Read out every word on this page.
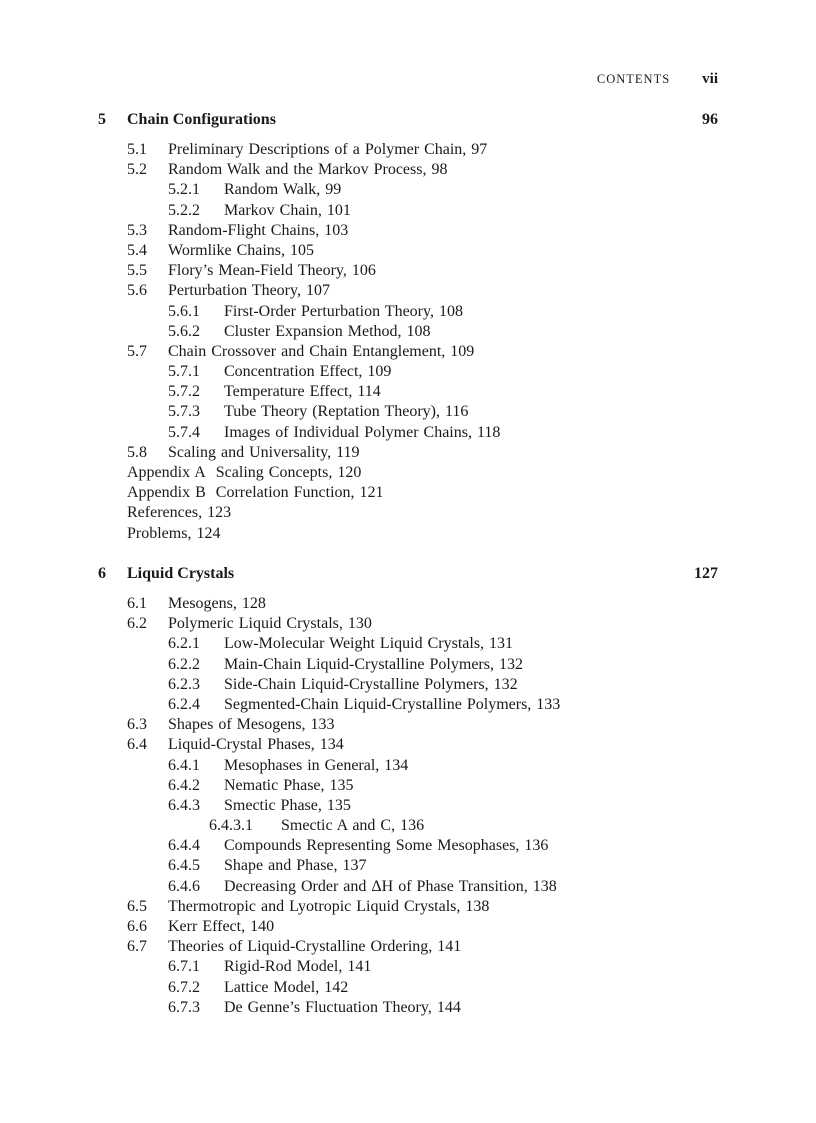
CONTENTS vii
5 Chain Configurations	96
5.1 Preliminary Descriptions of a Polymer Chain, 97
5.2 Random Walk and the Markov Process, 98
5.2.1 Random Walk, 99
5.2.2 Markov Chain, 101
5.3 Random-Flight Chains, 103
5.4 Wormlike Chains, 105
5.5 Flory’s Mean-Field Theory, 106
5.6 Perturbation Theory, 107
5.6.1 First-Order Perturbation Theory, 108
5.6.2 Cluster Expansion Method, 108
5.7 Chain Crossover and Chain Entanglement, 109
5.7.1 Concentration Effect, 109
5.7.2 Temperature Effect, 114
5.7.3 Tube Theory (Reptation Theory), 116
5.7.4 Images of Individual Polymer Chains, 118
5.8 Scaling and Universality, 119
Appendix A Scaling Concepts, 120
Appendix B Correlation Function, 121
References, 123
Problems, 124
6 Liquid Crystals	127
6.1 Mesogens, 128
6.2 Polymeric Liquid Crystals, 130
6.2.1 Low-Molecular Weight Liquid Crystals, 131
6.2.2 Main-Chain Liquid-Crystalline Polymers, 132
6.2.3 Side-Chain Liquid-Crystalline Polymers, 132
6.2.4 Segmented-Chain Liquid-Crystalline Polymers, 133
6.3 Shapes of Mesogens, 133
6.4 Liquid-Crystal Phases, 134
6.4.1 Mesophases in General, 134
6.4.2 Nematic Phase, 135
6.4.3 Smectic Phase, 135
6.4.3.1 Smectic A and C, 136
6.4.4 Compounds Representing Some Mesophases, 136
6.4.5 Shape and Phase, 137
6.4.6 Decreasing Order and ΔH of Phase Transition, 138
6.5 Thermotropic and Lyotropic Liquid Crystals, 138
6.6 Kerr Effect, 140
6.7 Theories of Liquid-Crystalline Ordering, 141
6.7.1 Rigid-Rod Model, 141
6.7.2 Lattice Model, 142
6.7.3 De Genne’s Fluctuation Theory, 144
